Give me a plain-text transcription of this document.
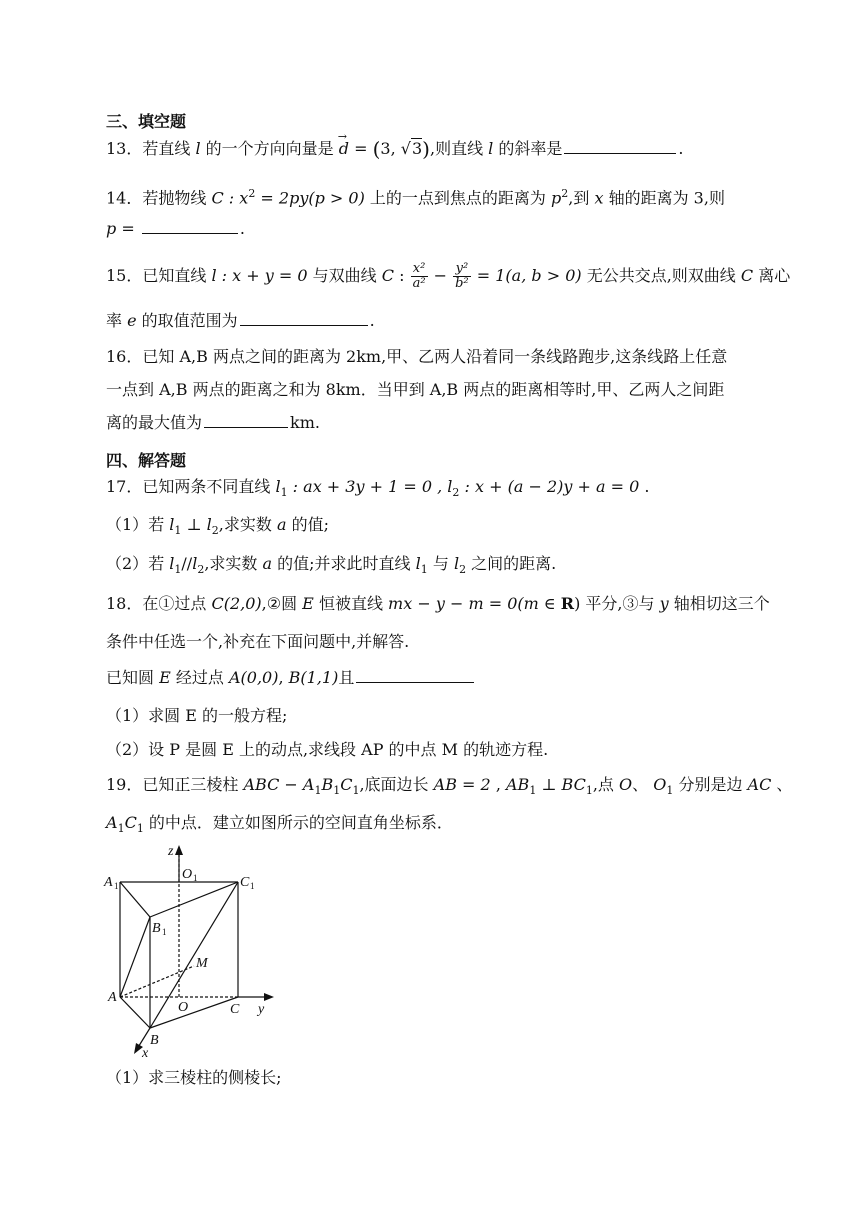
三、填空题
13．若直线 l 的一个方向向量是 → d = (3, √3),则直线 l 的斜率是	.
14．若抛物线 C : $x^2 = 2py(p > 0)$ 上的一点到焦点的距离为 $p^2$,到 x 轴的距离为 3,则
p =	.
15．已知直线 l : x + y = 0 与双曲线 C : $\frac{\text{x²}}{\text{a²}} - \frac{\text{y²}}{\text{b²}} = 1(a$, b > 0) 无公共交点,则双曲线 C 离心
率 e 的取值范围为	.
16．已知 A,B 两点之间的距离为 2km,甲、乙两人沿着同一条线路跑步,这条线路上任意
一点到 A,B 两点的距离之和为 8km．当甲到 A,B 两点的距离相等时,甲、乙两人之间距
离的最大值为	km.
四、解答题
17．已知两条不同直线 $l_1$ : ax + 3y + 1 = 0 , $l_2$ : x + (a − 2)y + a = 0 .
（1）若 $l_1$ ⊥ $l_2$,求实数 a 的值;
（2）若 $l_1//l_2$,求实数 a 的值;并求此时直线 $l_1$ 与 $l_2$ 之间的距离.
18．在①过点 C(2,0),②圆 E 恒被直线 mx − y − m = 0(m ∈ R) 平分,③与 y 轴相切这三个
条件中任选一个,补充在下面问题中,并解答.
已知圆 E 经过点 A(0,0), B(1,1)且
（1）求圆 E 的一般方程;
（2）设 P 是圆 E 上的动点,求线段 AP 的中点 M 的轨迹方程.
19．已知正三棱柱 ABC − $A_1B_1C_1$,底面边长 AB = 2 , $AB_1$ ⊥ $BC_1$,点 O、 $O_1$ 分别是边 AC 、
$A_1C_1$ 的中点．建立如图所示的空间直角坐标系．
z
O 1
A 1	C 1
B 1
M
A
O	C y
B
x
（1）求三棱柱的侧棱长;
